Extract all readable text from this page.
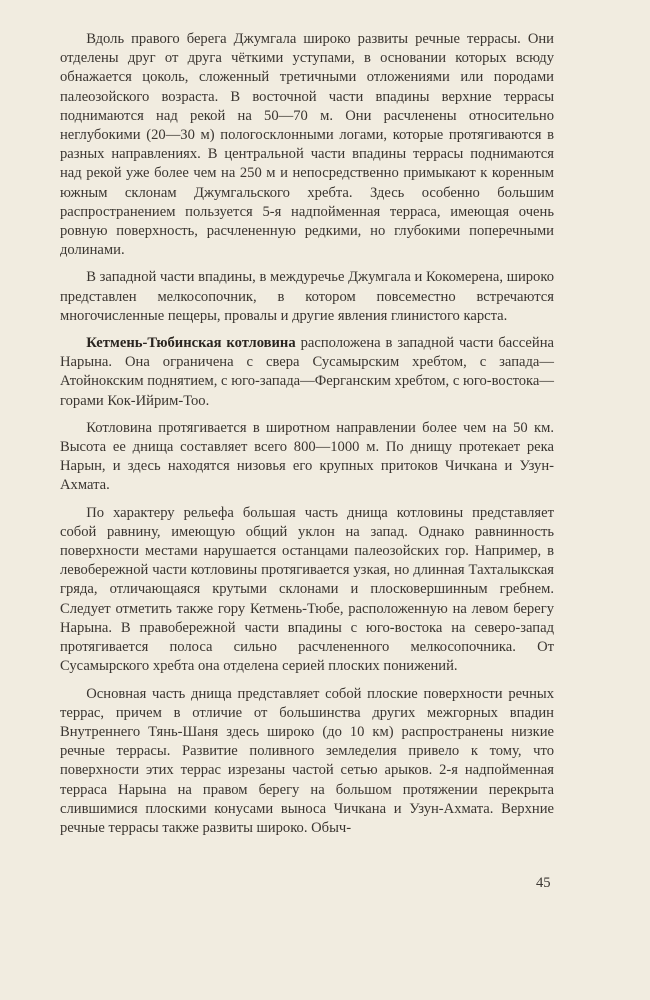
Вдоль правого берега Джумгала широко развиты речные террасы. Они отделены друг от друга чёткими уступами, в основании которых всюду обнажается цоколь, сложенный третичными отложениями или породами палеозойского возраста. В восточной части впадины верхние террасы поднимаются над рекой на 50—70 м. Они расчленены относительно неглубокими (20—30 м) пологосклонными логами, которые протягиваются в разных направлениях. В центральной части впадины террасы поднимаются над рекой уже более чем на 250 м и непосредственно примыкают к коренным южным склонам Джумгальского хребта. Здесь особенно большим распространением пользуется 5-я надпойменная терраса, имеющая очень ровную поверхность, расчлененную редкими, но глубокими поперечными долинами.

В западной части впадины, в междуречье Джумгала и Кокомерена, широко представлен мелкосопочник, в котором повсеместно встречаются многочисленные пещеры, провалы и другие явления глинистого карста.

Кетмень-Тюбинская котловина расположена в западной части бассейна Нарына. Она ограничена с свера Сусамырским хребтом, с запада—Атойнокским поднятием, с юго-запада—Ферганским хребтом, с юго-востока—горами Кок-Ийрим-Тоо.

Котловина протягивается в широтном направлении более чем на 50 км. Высота ее днища составляет всего 800—1000 м. По днищу протекает река Нарын, и здесь находятся низовья его крупных притоков Чичкана и Узун-Ахмата.

По характеру рельефа большая часть днища котловины представляет собой равнину, имеющую общий уклон на запад. Однако равнинность поверхности местами нарушается останцами палеозойских гор. Например, в левобережной части котловины протягивается узкая, но длинная Тахталыкская гряда, отличающаяся крутыми склонами и плосковершинным гребнем. Следует отметить также гору Кетмень-Тюбе, расположенную на левом берегу Нарына. В правобережной части впадины с юго-востока на северо-запад протягивается полоса сильно расчлененного мелкосопочника. От Сусамырского хребта она отделена серией плоских понижений.

Основная часть днища представляет собой плоские поверхности речных террас, причем в отличие от большинства других межгорных впадин Внутреннего Тянь-Шаня здесь широко (до 10 км) распространены низкие речные террасы. Развитие поливного земледелия привело к тому, что поверхности этих террас изрезаны частой сетью арыков. 2-я надпойменная терраса Нарына на правом берегу на большом протяжении перекрыта слившимися плоскими конусами выноса Чичкана и Узун-Ахмата. Верхние речные террасы также развиты широко. Обыч-

45
